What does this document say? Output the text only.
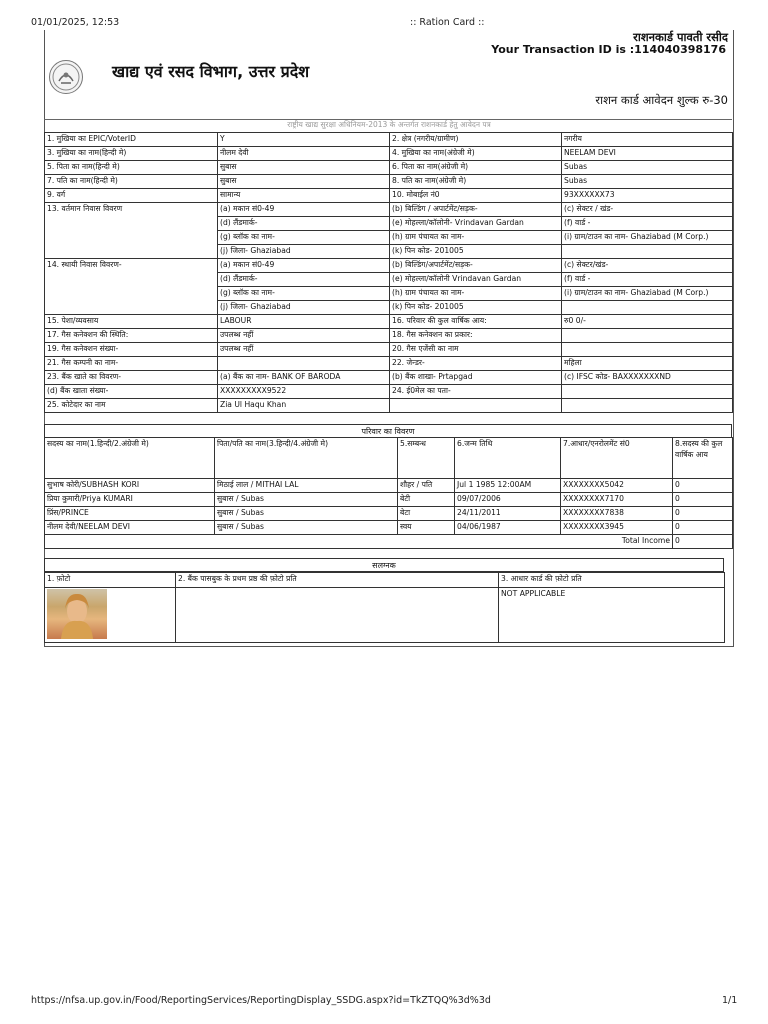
01/01/2025, 12:53	:: Ration Card ::
राशनकार्ड पावती रसीद
Your Transaction ID is :114040398176
खाद्य एवं रसद विभाग, उत्तर प्रदेश
राशन कार्ड आवेदन शुल्क रु-30
राष्ट्रीय खाद्य सुरक्षा अधिनियम-2013 के अन्तर्गत राशनकार्ड हेतु आवेदन पत्र
1. मुखिया का EPIC/VoterID	Y	2. क्षेत्र (नगरीय/ग्रामीण)	नगरीय
3. मुखिया का नाम(हिन्दी मे)	नीलम देवी	4. मुखिया का नाम(अंग्रेजी मे)	NEELAM DEVI
5. पिता का नाम(हिन्दी मे)	सुबास	6. पिता का नाम(अंग्रेजी मे)	Subas
7. पति का नाम(हिन्दी मे)	सुबास	8. पति का नाम(अंग्रेजी मे)	Subas
9. वर्ग	सामान्य	10. मोबाईल नं0	93XXXXXX73
13. वर्तमान निवास विवरण	(a) मकान सं0-49	(b) बिल्डिंग / अपार्टमेंट/सड़क-	(c) सेक्टर / खंड-
	(d) लैंडमार्क-	(e) मोहल्ला/कॉलोनी- Vrindavan Gardan	(f) वार्ड -
	(g) ब्लॉक का नाम-	(h) ग्राम पंचायत का नाम-	(i) ग्राम/टाउन का नाम- Ghaziabad (M Corp.)
	(j) जिला- Ghaziabad	(k) पिन कोड- 201005	
14. स्थायी निवास विवरण-	(a) मकान सं0-49	(b) बिल्डिंग/अपार्टमेंट/सड़क-	(c) सेक्टर/खंड-
	(d) लैंडमार्क-	(e) मोहल्ला/कॉलोनी Vrindavan Gardan	(f) वार्ड -
	(g) ब्लॉक का नाम-	(h) ग्राम पंचायत का नाम-	(i) ग्राम/टाउन का नाम- Ghaziabad (M Corp.)
	(j) जिला- Ghaziabad	(k) पिन कोड- 201005	
15. पेशा/व्यवसाय	LABOUR	16. परिवार की कुल वार्षिक आय:	रु0 0/-
17. गैस कनेक्शन की स्थिति:	उपलब्ध नहीं	18. गैस कनेक्शन का प्रकार:	
19. गैस कनेक्शन संख्या-	उपलब्ध नहीं	20. गैस एजेंसी का नाम	
21. गैस कम्पनी का नाम-		22. जेन्डर-	महिला
23. बैंक खाते का विवरण-	(a) बैंक का नाम- BANK OF BARODA	(b) बैंक शाखा- Prtapgad	(c) IFSC कोड- BAXXXXXXXND
(d) बैंक खाता संख्या-	XXXXXXXXX9522	24. ई0मेल का पता-	
25. कोटेदार का नाम	Zia Ul Haqu Khan		
परिवार का विवरण
सदस्य का नाम(1.हिन्दी/2.अंग्रेजी मे)	पिता/पति का नाम(3.हिन्दी/4.अंग्रेजी मे)	5.सम्बन्ध	6.जन्म तिथि	7.आधार/एनरोलमेंट सं0	8.सदस्य की कुल वार्षिक आय
सुभाष कोरी/SUBHASH KORI	मिठाई लाल / MITHAI LAL	शौहर / पति	Jul 1 1985 12:00AM	XXXXXXXX5042	0
प्रिया कुमारी/Priya KUMARI	सुबास / Subas	बेटी	09/07/2006	XXXXXXXX7170	0
प्रिंस/PRINCE	सुबास / Subas	बेटा	24/11/2011	XXXXXXXX7838	0
नीलम देवी/NEELAM DEVI	सुबास / Subas	स्वय	04/06/1987	XXXXXXXX3945	0
Total Income					0
सलग्नक
1. फ़ोटो	2. बैंक पासबुक के प्रथम प्रष्ठ की फ़ोटो प्रति	3. आधार कार्ड की फ़ोटो प्रति

		NOT APPLICABLE
https://nfsa.up.gov.in/Food/ReportingServices/ReportingDisplay_SSDG.aspx?id=TkZTQQ%3d%3d	1/1
